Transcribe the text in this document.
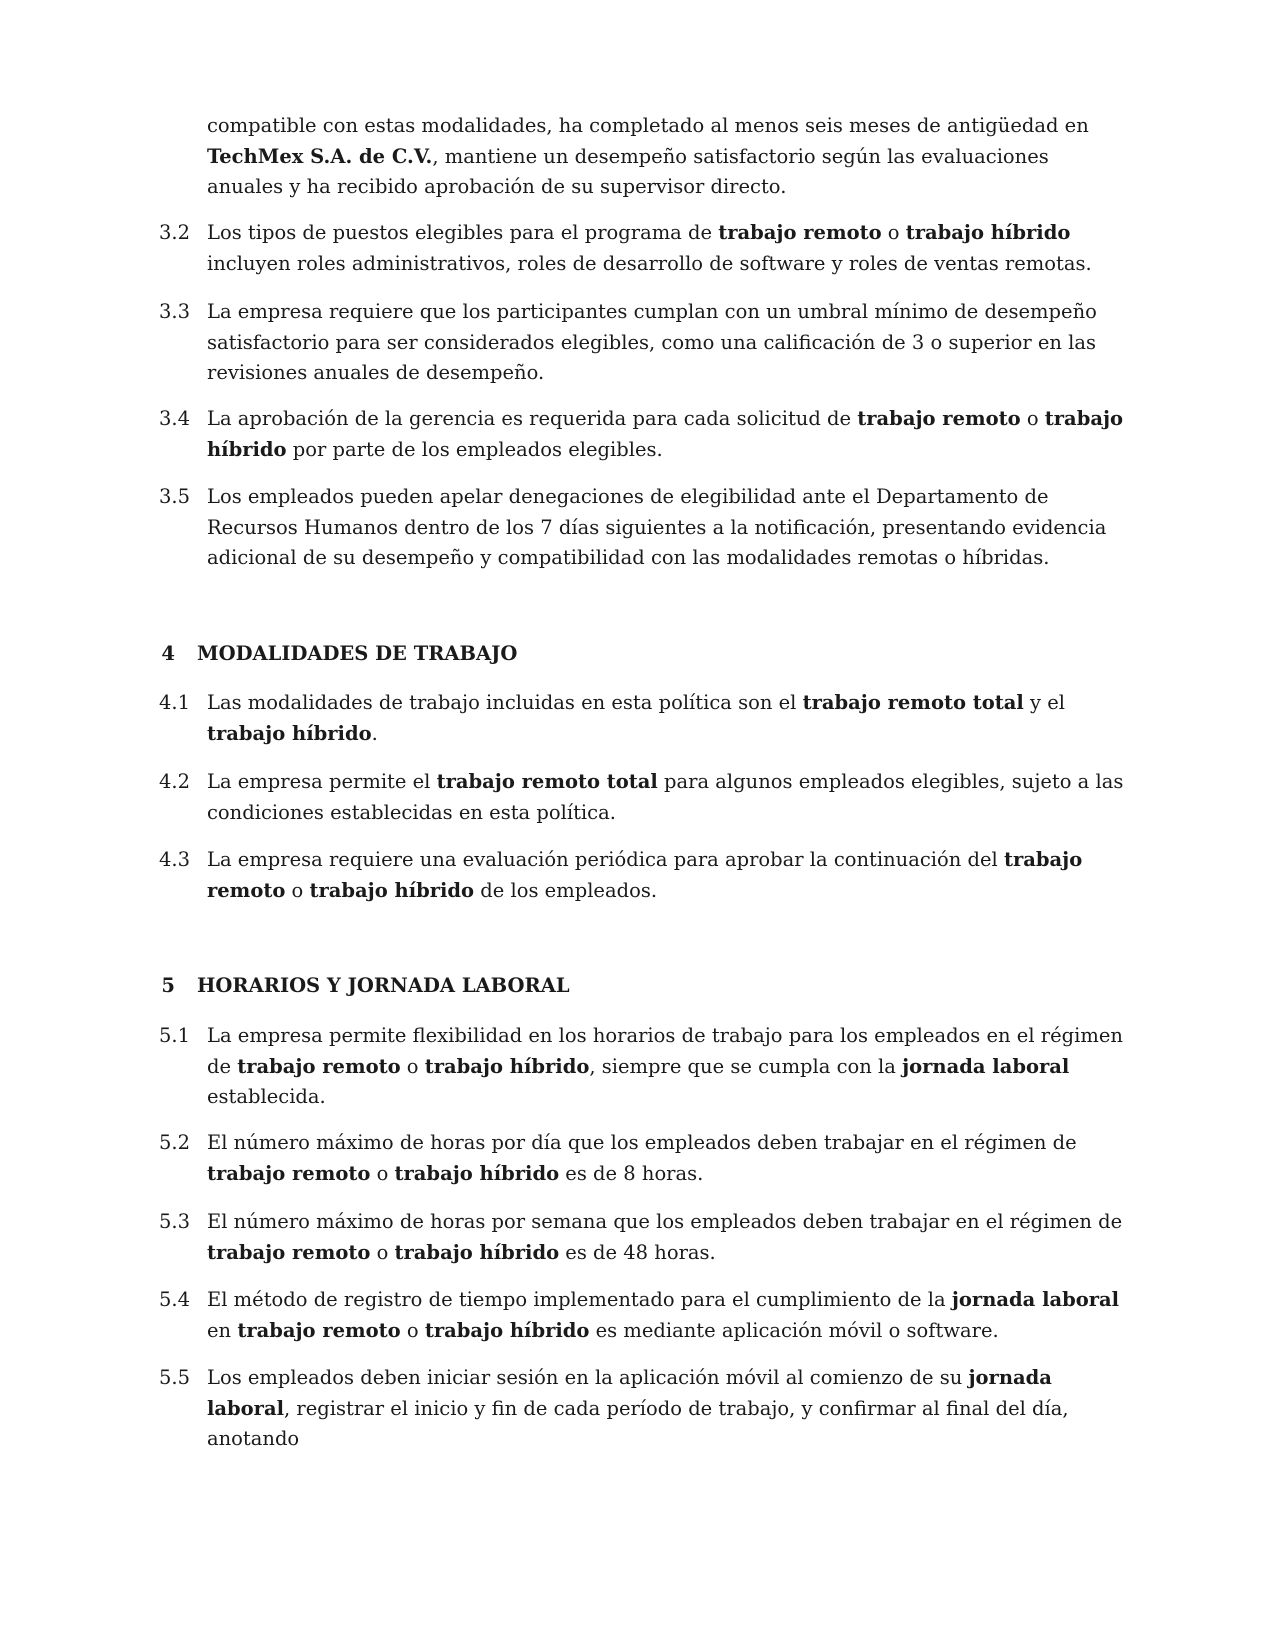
compatible con estas modalidades, ha completado al menos seis meses de antigüedad en TechMex S.A. de C.V., mantiene un desempeño satisfactorio según las evaluaciones anuales y ha recibido aprobación de su supervisor directo.
3.2 Los tipos de puestos elegibles para el programa de trabajo remoto o trabajo híbrido incluyen roles administrativos, roles de desarrollo de software y roles de ventas remotas.
3.3 La empresa requiere que los participantes cumplan con un umbral mínimo de desempeño satisfactorio para ser considerados elegibles, como una calificación de 3 o superior en las revisiones anuales de desempeño.
3.4 La aprobación de la gerencia es requerida para cada solicitud de trabajo remoto o trabajo híbrido por parte de los empleados elegibles.
3.5 Los empleados pueden apelar denegaciones de elegibilidad ante el Departamento de Recursos Humanos dentro de los 7 días siguientes a la notificación, presentando evidencia adicional de su desempeño y compatibilidad con las modalidades remotas o híbridas.
4 MODALIDADES DE TRABAJO
4.1 Las modalidades de trabajo incluidas en esta política son el trabajo remoto total y el trabajo híbrido.
4.2 La empresa permite el trabajo remoto total para algunos empleados elegibles, sujeto a las condiciones establecidas en esta política.
4.3 La empresa requiere una evaluación periódica para aprobar la continuación del trabajo remoto o trabajo híbrido de los empleados.
5 HORARIOS Y JORNADA LABORAL
5.1 La empresa permite flexibilidad en los horarios de trabajo para los empleados en el régimen de trabajo remoto o trabajo híbrido, siempre que se cumpla con la jornada laboral establecida.
5.2 El número máximo de horas por día que los empleados deben trabajar en el régimen de trabajo remoto o trabajo híbrido es de 8 horas.
5.3 El número máximo de horas por semana que los empleados deben trabajar en el régimen de trabajo remoto o trabajo híbrido es de 48 horas.
5.4 El método de registro de tiempo implementado para el cumplimiento de la jornada laboral en trabajo remoto o trabajo híbrido es mediante aplicación móvil o software.
5.5 Los empleados deben iniciar sesión en la aplicación móvil al comienzo de su jornada laboral, registrar el inicio y fin de cada período de trabajo, y confirmar al final del día, anotando
